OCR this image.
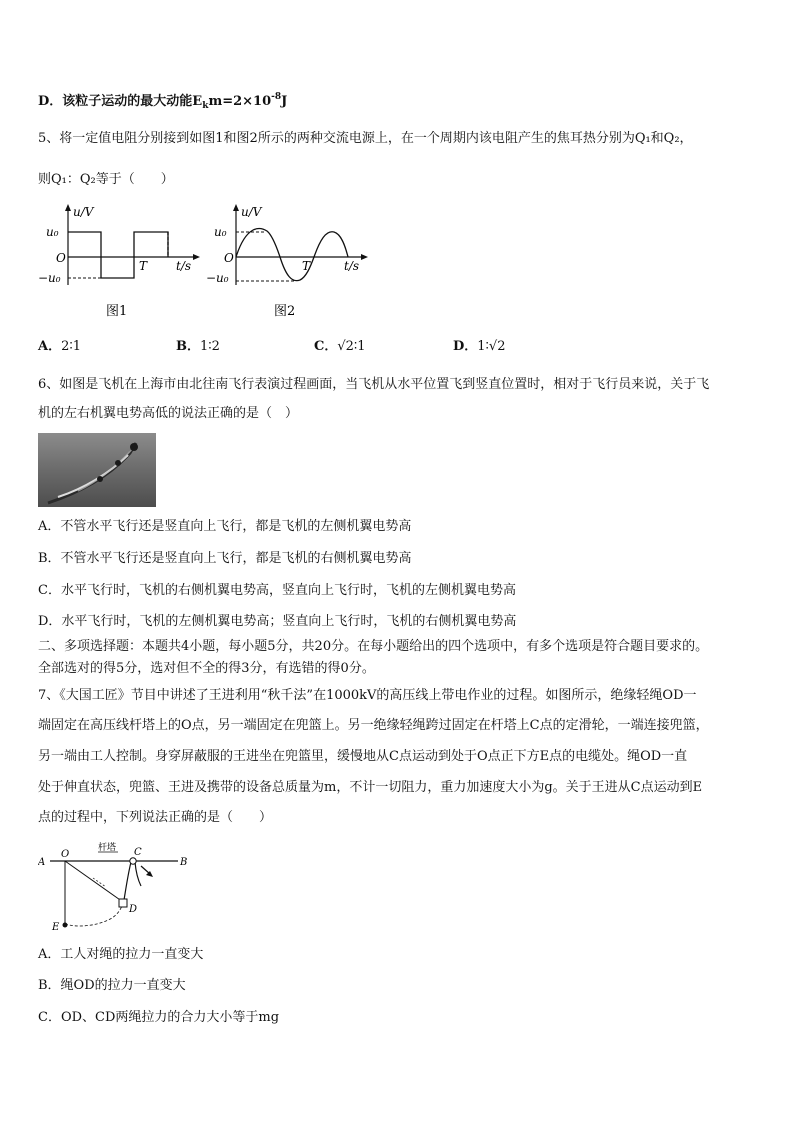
D．该粒子运动的最大动能$E_km=2\times 10^{-8}J$
5、将一定值电阻分别接到如图1和图2所示的两种交流电源上，在一个周期内该电阻产生的焦耳热分别为Q₁和Q₂，
则Q₁：Q₂等于（　　）
u/V
u₀
O
−u₀
T t/s
图1
u/V
u₀
O
−u₀
T	t/s
图2
A．2∶1	B．1∶2	C．√2∶1	D．1∶√2
6、如图是飞机在上海市由北往南飞行表演过程画面，当飞机从水平位置飞到竖直位置时，相对于飞行员来说，关于飞
机的左右机翼电势高低的说法正确的是（　）
A．不管水平飞行还是竖直向上飞行，都是飞机的左侧机翼电势高
B．不管水平飞行还是竖直向上飞行，都是飞机的右侧机翼电势高
C．水平飞行时，飞机的右侧机翼电势高，竖直向上飞行时，飞机的左侧机翼电势高
D．水平飞行时，飞机的左侧机翼电势高；竖直向上飞行时，飞机的右侧机翼电势高
二、多项选择题：本题共4小题，每小题5分，共20分。在每小题给出的四个选项中，有多个选项是符合题目要求的。
全部选对的得5分，选对但不全的得3分，有选错的得0分。
7、《大国工匠》节目中讲述了王进利用“秋千法”在1000kV的高压线上带电作业的过程。如图所示，绝缘轻绳OD一
端固定在高压线杆塔上的O点，另一端固定在兜篮上。另一绝缘轻绳跨过固定在杆塔上C点的定滑轮，一端连接兜篮，
另一端由工人控制。身穿屏蔽服的王进坐在兜篮里，缓慢地从C点运动到处于O点正下方E点的电缆处。绳OD一直
处于伸直状态，兜篮、王进及携带的设备总质量为m，不计一切阻力，重力加速度大小为g。关于王进从C点运动到E
点的过程中，下列说法正确的是（　　）
A
O
杆塔 C
B
D
E
A．工人对绳的拉力一直变大
B．绳OD的拉力一直变大
C．OD、CD两绳拉力的合力大小等于mg
